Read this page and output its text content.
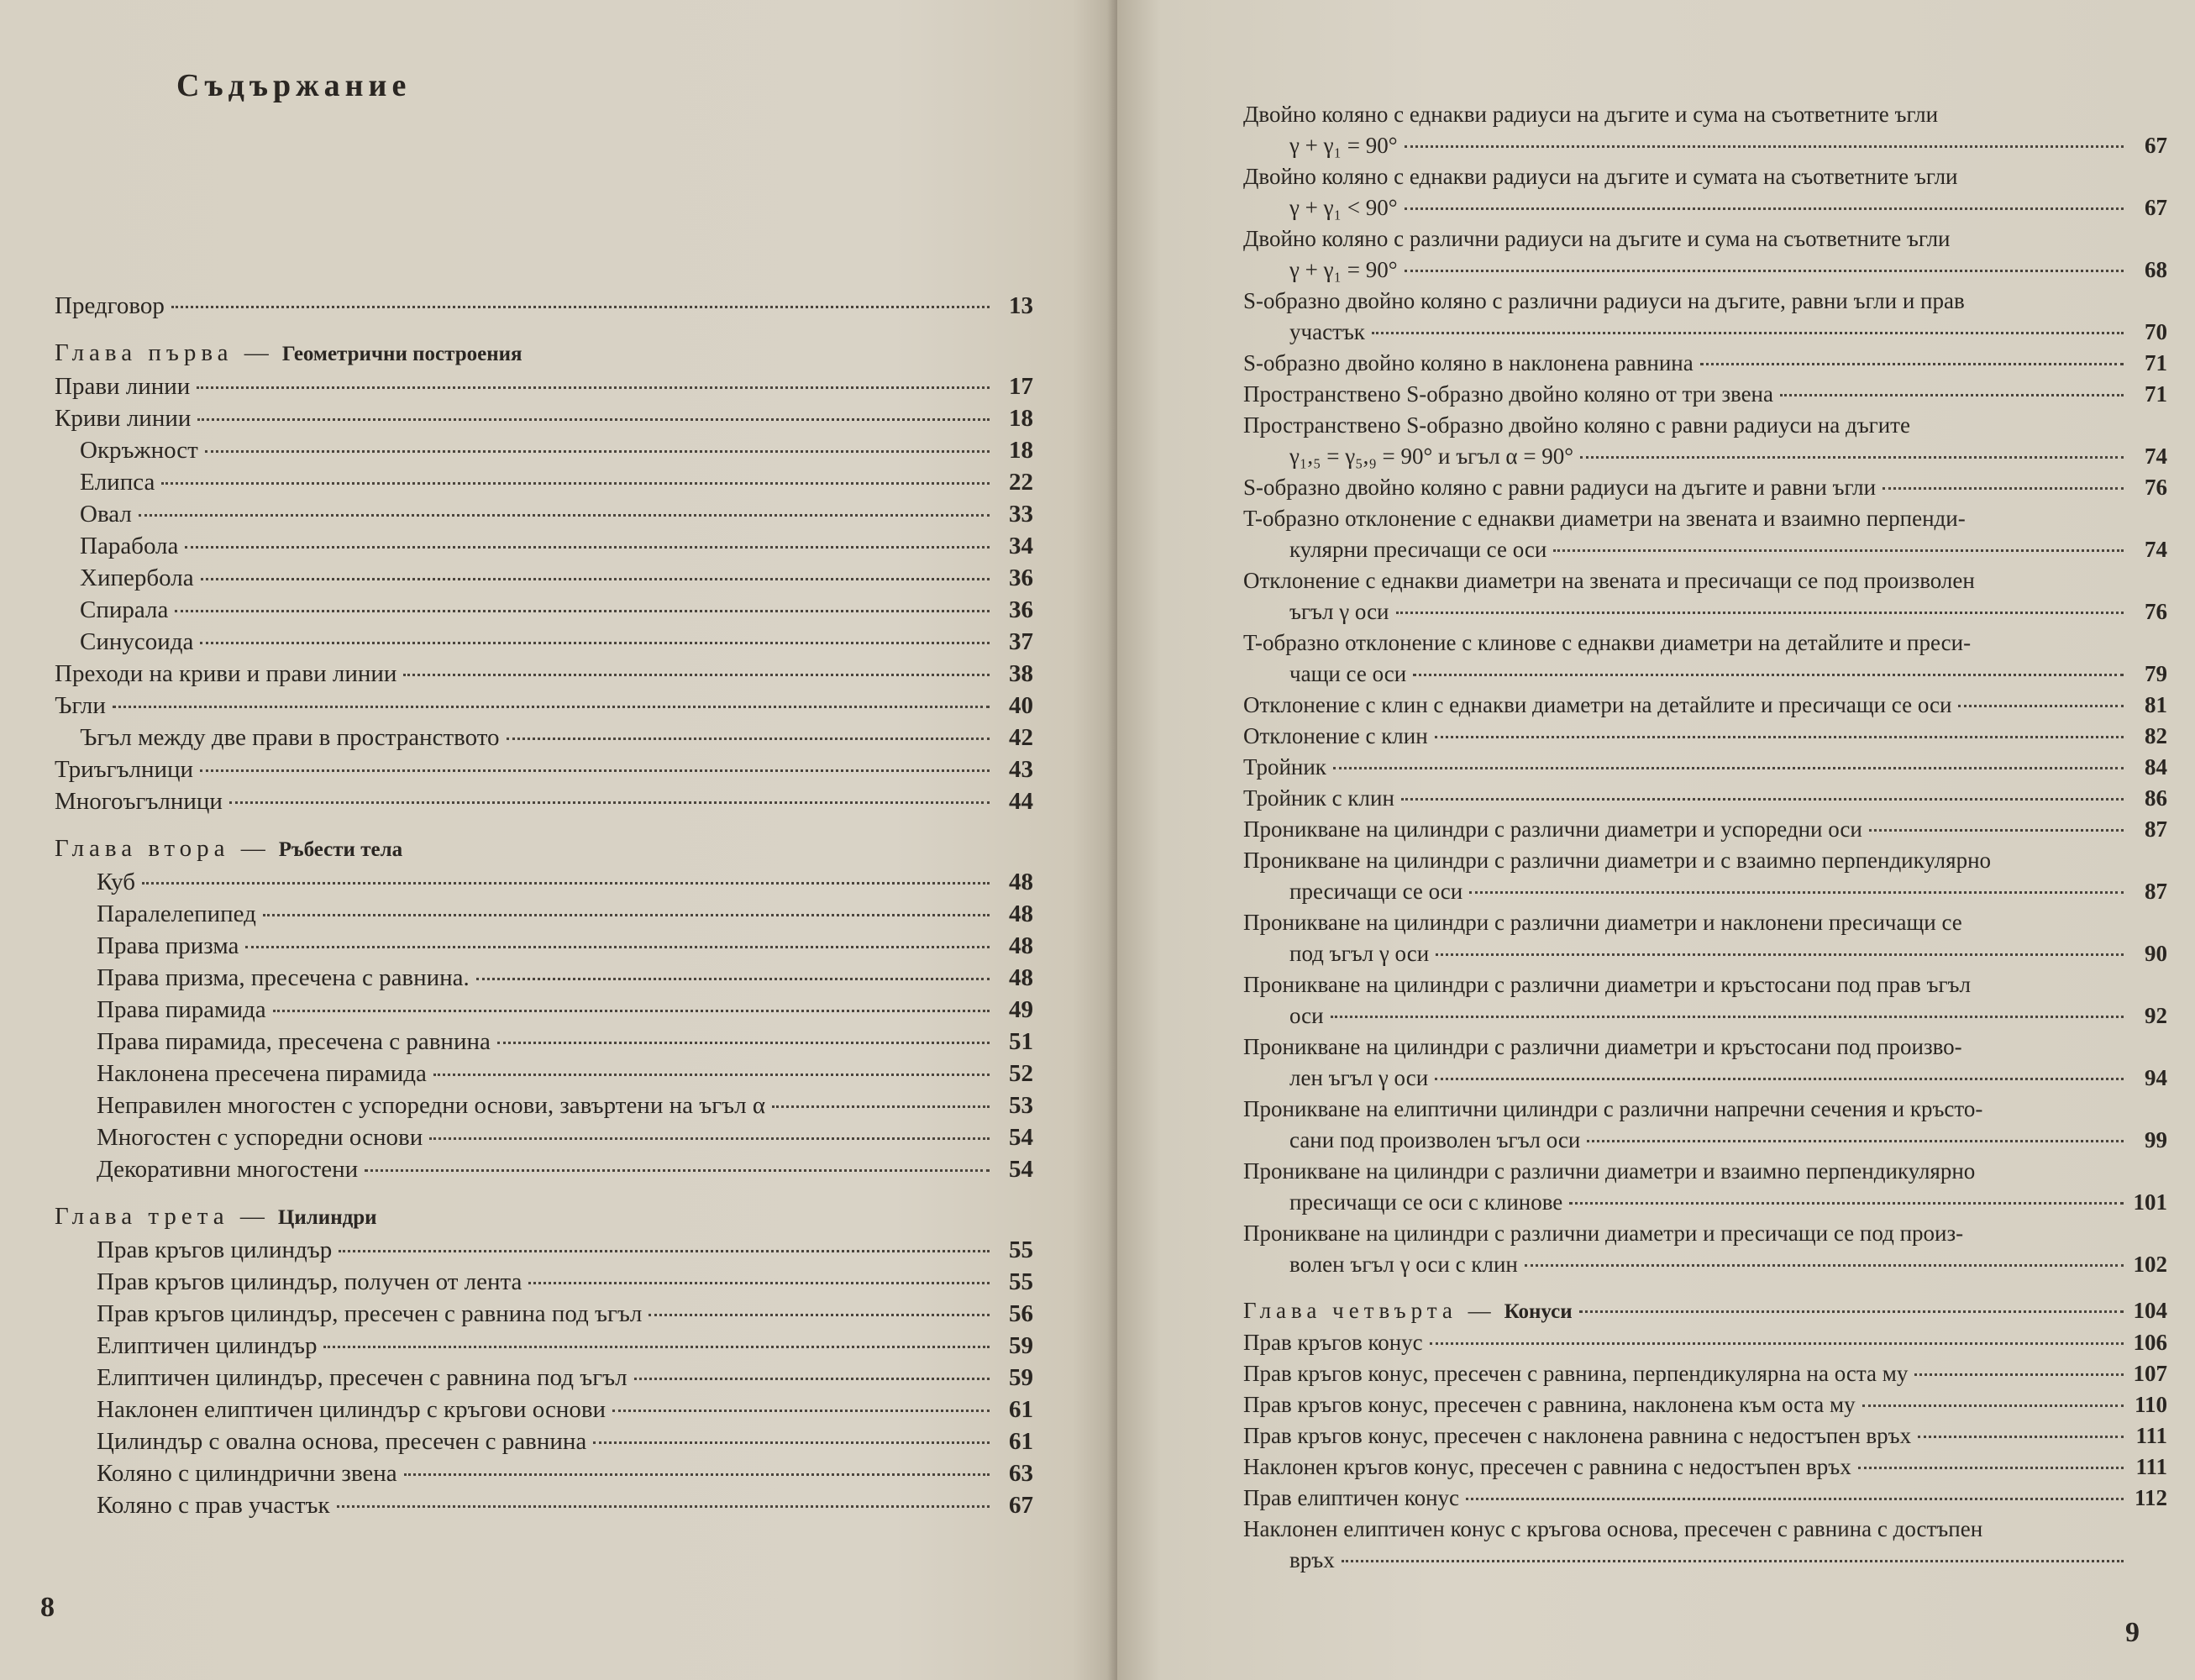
Съдържание
Предговор	13
Глава първа — Геометрични построения
Прави линии	17
Криви линии	18
Окръжност	18
Елипса	22
Овал	33
Парабола	34
Хипербола	36
Спирала	36
Синусоида	37
Преходи на криви и прави линии	38
Ъгли	40
Ъгъл между две прави в пространството	42
Триъгълници	43
Многоъгълници	44
Глава втора — Ръбести тела
Куб	48
Паралелепипед	48
Права призма	48
Права призма, пресечена с равнина.	48
Права пирамида	49
Права пирамида, пресечена с равнина	51
Наклонена пресечена пирамида	52
Неправилен многостен с успоредни основи, завъртени на ъгъл α	53
Многостен с успоредни основи	54
Декоративни многостени	54
Глава трета — Цилиндри
Прав кръгов цилиндър	55
Прав кръгов цилиндър, получен от лента	55
Прав кръгов цилиндър, пресечен с равнина под ъгъл	56
Елиптичен цилиндър	59
Елиптичен цилиндър, пресечен с равнина под ъгъл	59
Наклонен елиптичен цилиндър с кръгови основи	61
Цилиндър с овална основа, пресечен с равнина	61
Коляно с цилиндрични звена	63
Коляно с прав участък	67
8
Двойно коляно с еднакви радиуси на дъгите и сума на съответните ъгли
γ + γ₁ = 90°	67
Двойно коляно с еднакви радиуси на дъгите и сумата на съответните ъгли
γ + γ₁ < 90°	67
Двойно коляно с различни радиуси на дъгите и сума на съответните ъгли
γ + γ₁ = 90°	68
S-образно двойно коляно с различни радиуси на дъгите, равни ъгли и прав
участък	70
S-образно двойно коляно в наклонена равнина	71
Пространствено S-образно двойно коляно от три звена	71
Пространствено S-образно двойно коляно с равни радиуси на дъгите
γ₁,₅ = γ₅,₉ = 90° и ъгъл α = 90°	74
S-образно двойно коляно с равни радиуси на дъгите и равни ъгли	76
T-образно отклонение с еднакви диаметри на звената и взаимно перпенди-
кулярни пресичащи се оси	74
Отклонение с еднакви диаметри на звената и пресичащи се под произволен
ъгъл γ оси	76
T-образно отклонение с клинове с еднакви диаметри на детайлите и преси-
чащи се оси	79
Отклонение с клин с еднакви диаметри на детайлите и пресичащи се оси	81
Отклонение с клин	82
Тройник	84
Тройник с клин	86
Проникване на цилиндри с различни диаметри и успоредни оси	87
Проникване на цилиндри с различни диаметри и с взаимно перпендикулярно
пресичащи се оси	87
Проникване на цилиндри с различни диаметри и наклонени пресичащи се
под ъгъл γ оси	90
Проникване на цилиндри с различни диаметри и кръстосани под прав ъгъл
оси	92
Проникване на цилиндри с различни диаметри и кръстосани под произво-
лен ъгъл γ оси	94
Проникване на елиптични цилиндри с различни напречни сечения и кръсто-
сани под произволен ъгъл оси	99
Проникване на цилиндри с различни диаметри и взаимно перпендикулярно
пресичащи се оси с клинове	101
Проникване на цилиндри с различни диаметри и пресичащи се под произ-
волен ъгъл γ оси с клин	102
Глава четвърта — Конуси	104
Прав кръгов конус	106
Прав кръгов конус, пресечен с равнина, перпендикулярна на оста му	107
Прав кръгов конус, пресечен с равнина, наклонена към оста му	110
Прав кръгов конус, пресечен с наклонена равнина с недостъпен връх	111
Наклонен кръгов конус, пресечен с равнина с недостъпен връх	111
Прав елиптичен конус	112
Наклонен елиптичен конус с кръгова основа, пресечен с равнина с достъпен
връх
9
